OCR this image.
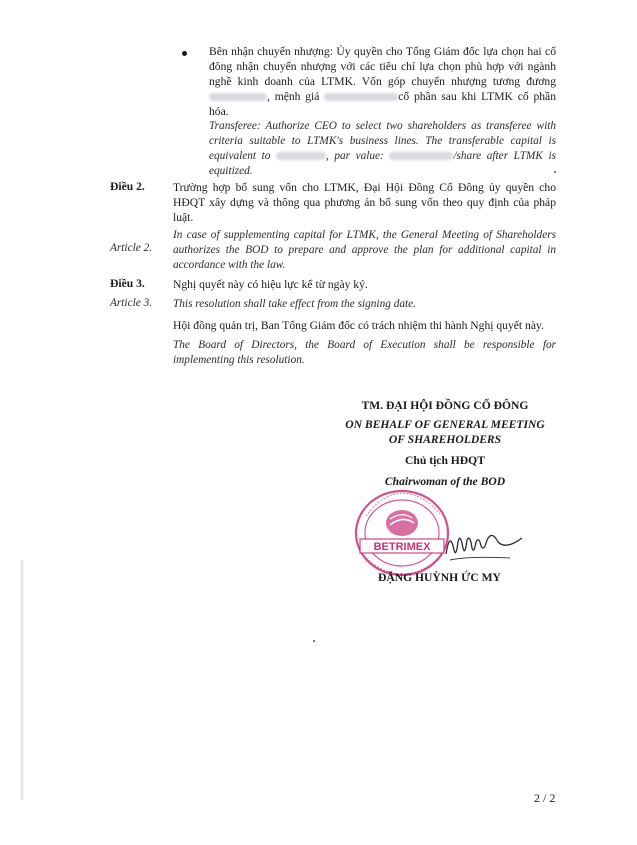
Bên nhận chuyển nhượng: Ủy quyền cho Tổng Giám đốc lựa chọn hai cổ đông nhận chuyển nhượng với các tiêu chí lựa chọn phù hợp với ngành nghề kinh doanh của LTMK. Vốn góp chuyển nhượng tương đương , mệnh giá	cổ phần sau khi LTMK cổ phần hóa.

Transferee: Authorize CEO to select two shareholders as transferee with criteria suitable to LTMK's business lines. The transferable capital is equivalent to	, par value:	/share after LTMK is equitized.

Điều 2. Trường hợp bổ sung vốn cho LTMK, Đại Hội Đồng Cổ Đông ủy quyền cho HĐQT xây dựng và thông qua phương án bổ sung vốn theo quy định của pháp luật.

Article 2.

In case of supplementing capital for LTMK, the General Meeting of Shareholders authorizes the BOD to prepare and approve the plan for additional capital in accordance with the law.

Điều 3. Nghị quyết này có hiệu lực kể từ ngày ký.

Article 3. This resolution shall take effect from the signing date.

Hội đồng quản trị, Ban Tổng Giám đốc có trách nhiệm thi hành Nghị quyết này.

The Board of Directors, the Board of Execution shall be responsible for implementing this resolution.

TM. ĐẠI HỘI ĐỒNG CỔ ĐÔNG

ON BEHALF OF GENERAL MEETING

OF SHAREHOLDERS

Chủ tịch HĐQT

Chairwoman of the BOD

BETRIMEX
ĐẶNG HUỲNH ỨC MY
2 / 2
